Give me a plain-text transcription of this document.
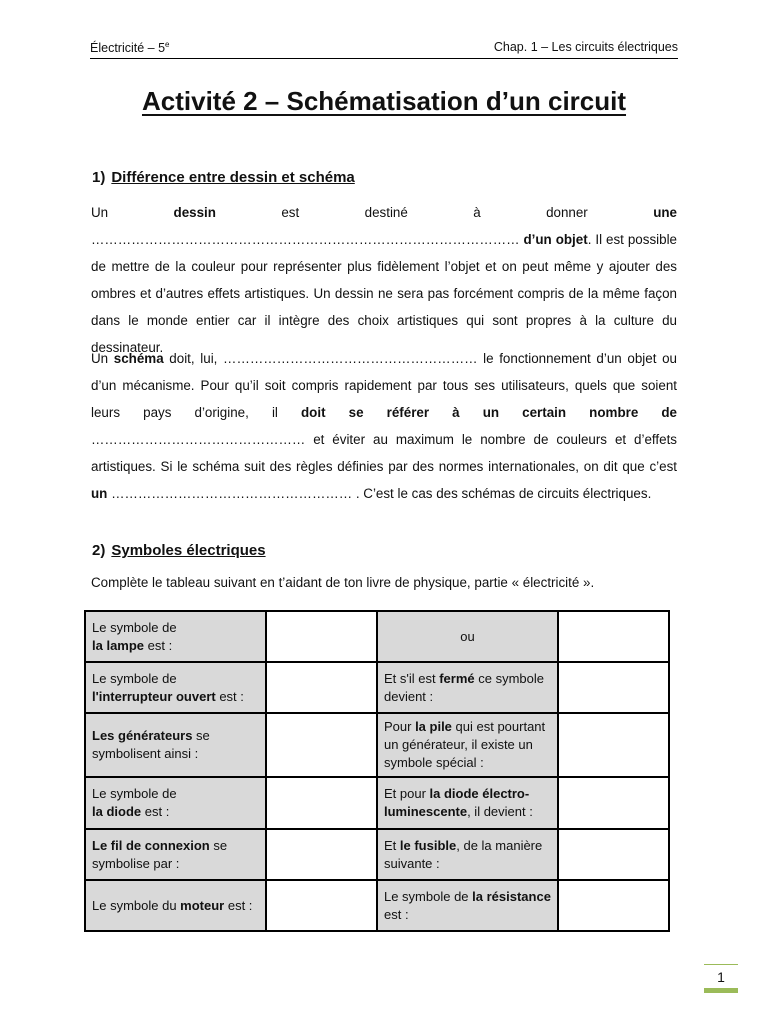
Électricité – 5e	Chap. 1 – Les circuits électriques
Activité 2 – Schématisation d’un circuit
1) Différence entre dessin et schéma
Un dessin est destiné à donner une …………………………………………………………………………………… d’un objet. Il est possible de mettre de la couleur pour représenter plus fidèlement l’objet et on peut même y ajouter des ombres et d’autres effets artistiques. Un dessin ne sera pas forcément compris de la même façon dans le monde entier car il intègre des choix artistiques qui sont propres à la culture du dessinateur.
Un schéma doit, lui, ………………………………………………… le fonctionnement d’un objet ou d’un mécanisme. Pour qu’il soit compris rapidement par tous ses utilisateurs, quels que soient leurs pays d’origine, il doit se référer à un certain nombre de ………………………………………… et éviter au maximum le nombre de couleurs et d’effets artistiques. Si le schéma suit des règles définies par des normes internationales, on dit que c’est un ……………………………………………… . C’est le cas des schémas de circuits électriques.
2) Symboles électriques
Complète le tableau suivant en t’aidant de ton livre de physique, partie « électricité ».
Le symbole de
la lampe est :		ou	
Le symbole de
l'interrupteur ouvert est :		Et s'il est fermé ce symbole devient :	
Les générateurs se symbolisent ainsi :		Pour la pile qui est pourtant un générateur, il existe un symbole spécial :	
Le symbole de
la diode est :		Et pour la diode électro-luminescente, il devient :	
Le fil de connexion se symbolise par :		Et le fusible, de la manière suivante :	
Le symbole du moteur est :		Le symbole de la résistance est :	
1
